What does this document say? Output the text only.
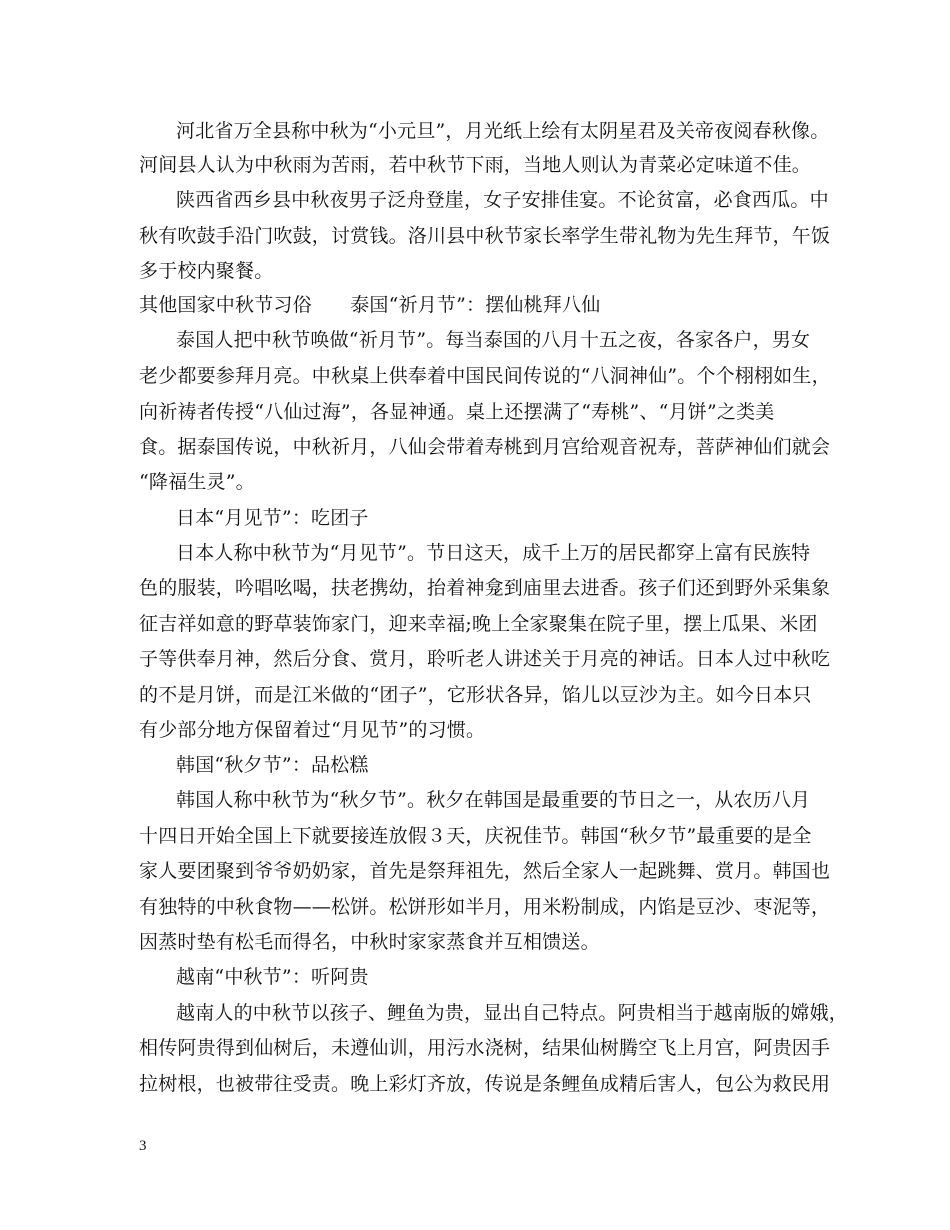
河北省万全县称中秋为“小元旦”，月光纸上绘有太阴星君及关帝夜阅春秋像。
河间县人认为中秋雨为苦雨，若中秋节下雨，当地人则认为青菜必定味道不佳。
陕西省西乡县中秋夜男子泛舟登崖，女子安排佳宴。不论贫富，必食西瓜。中
秋有吹鼓手沿门吹鼓，讨赏钱。洛川县中秋节家长率学生带礼物为先生拜节，午饭
多于校内聚餐。
其他国家中秋节习俗　　泰国“祈月节”：摆仙桃拜八仙
泰国人把中秋节唤做“祈月节”。每当泰国的八月十五之夜，各家各户，男女
老少都要参拜月亮。中秋桌上供奉着中国民间传说的“八洞神仙”。个个栩栩如生，
向祈祷者传授“八仙过海”，各显神通。桌上还摆满了“寿桃”、“月饼”之类美
食。据泰国传说，中秋祈月，八仙会带着寿桃到月宫给观音祝寿，菩萨神仙们就会
“降福生灵”。
日本“月见节”：吃团子
日本人称中秋节为“月见节”。节日这天，成千上万的居民都穿上富有民族特
色的服装，吟唱吆喝，扶老携幼，抬着神龛到庙里去进香。孩子们还到野外采集象
征吉祥如意的野草装饰家门，迎来幸福;晚上全家聚集在院子里，摆上瓜果、米团
子等供奉月神，然后分食、赏月，聆听老人讲述关于月亮的神话。日本人过中秋吃
的不是月饼，而是江米做的“团子”，它形状各异，馅儿以豆沙为主。如今日本只
有少部分地方保留着过“月见节”的习惯。
韩国“秋夕节”：品松糕
韩国人称中秋节为“秋夕节”。秋夕在韩国是最重要的节日之一，从农历八月
十四日开始全国上下就要接连放假３天，庆祝佳节。韩国“秋夕节”最重要的是全
家人要团聚到爷爷奶奶家，首先是祭拜祖先，然后全家人一起跳舞、赏月。韩国也
有独特的中秋食物——松饼。松饼形如半月，用米粉制成，内馅是豆沙、枣泥等，
因蒸时垫有松毛而得名，中秋时家家蒸食并互相馈送。
越南“中秋节”：听阿贵
越南人的中秋节以孩子、鲤鱼为贵，显出自己特点。阿贵相当于越南版的嫦娥，
相传阿贵得到仙树后，未遵仙训，用污水浇树，结果仙树腾空飞上月宫，阿贵因手
拉树根，也被带往受责。晚上彩灯齐放，传说是条鲤鱼成精后害人，包公为救民用
3
